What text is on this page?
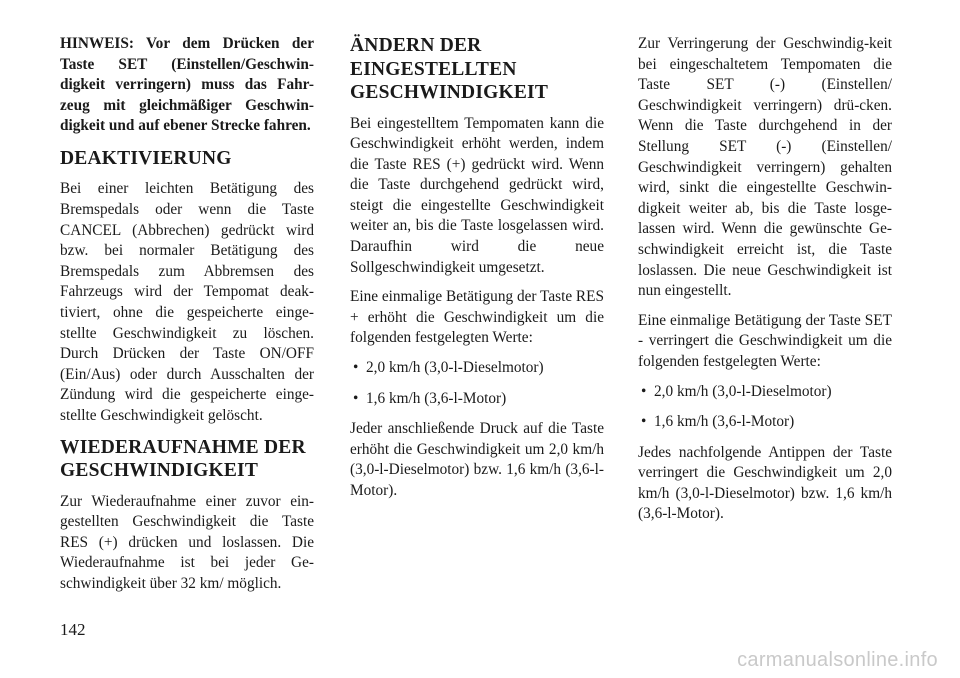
HINWEIS: Vor dem Drücken der Taste SET (Einstellen/Geschwin-digkeit verringern) muss das Fahr-zeug mit gleichmäßiger Geschwin-digkeit und auf ebener Strecke fahren.

DEAKTIVIERUNG

Bei einer leichten Betätigung des Bremspedals oder wenn die Taste CANCEL (Abbrechen) gedrückt wird bzw. bei normaler Betätigung des Bremspedals zum Abbremsen des Fahrzeugs wird der Tempomat deak-tiviert, ohne die gespeicherte einge-stellte Geschwindigkeit zu löschen. Durch Drücken der Taste ON/OFF (Ein/Aus) oder durch Ausschalten der Zündung wird die gespeicherte einge-stellte Geschwindigkeit gelöscht.

WIEDERAUFNAHME DER
GESCHWINDIGKEIT

Zur Wiederaufnahme einer zuvor ein-gestellten Geschwindigkeit die Taste RES (+) drücken und loslassen. Die Wiederaufnahme ist bei jeder Ge-schwindigkeit über 32 km/ möglich.

ÄNDERN DER
EINGESTELLTEN
GESCHWINDIGKEIT

Bei eingestelltem Tempomaten kann die Geschwindigkeit erhöht werden, indem die Taste RES (+) gedrückt wird. Wenn die Taste durchgehend gedrückt wird, steigt die eingestellte Geschwindigkeit weiter an, bis die Taste losgelassen wird. Daraufhin wird die neue Sollgeschwindigkeit umgesetzt.

Eine einmalige Betätigung der Taste RES + erhöht die Geschwindigkeit um die folgenden festgelegten Werte:

• 2,0 km/h (3,0-l-Dieselmotor)
• 1,6 km/h (3,6-l-Motor)

Jeder anschließende Druck auf die Taste erhöht die Geschwindigkeit um 2,0 km/h (3,0-l-Dieselmotor) bzw. 1,6 km/h (3,6-l-Motor).

Zur Verringerung der Geschwindig-keit bei eingeschaltetem Tempomaten die Taste SET (-) (Einstellen/ Geschwindigkeit verringern) drü-cken. Wenn die Taste durchgehend in der Stellung SET (-) (Einstellen/ Geschwindigkeit verringern) gehalten wird, sinkt die eingestellte Geschwin-digkeit weiter ab, bis die Taste losge-lassen wird. Wenn die gewünschte Ge-schwindigkeit erreicht ist, die Taste loslassen. Die neue Geschwindigkeit ist nun eingestellt.

Eine einmalige Betätigung der Taste SET - verringert die Geschwindigkeit um die folgenden festgelegten Werte:

• 2,0 km/h (3,0-l-Dieselmotor)
• 1,6 km/h (3,6-l-Motor)

Jedes nachfolgende Antippen der Taste verringert die Geschwindigkeit um 2,0 km/h (3,0-l-Dieselmotor) bzw. 1,6 km/h (3,6-l-Motor).

142
carmanualsonline.info
